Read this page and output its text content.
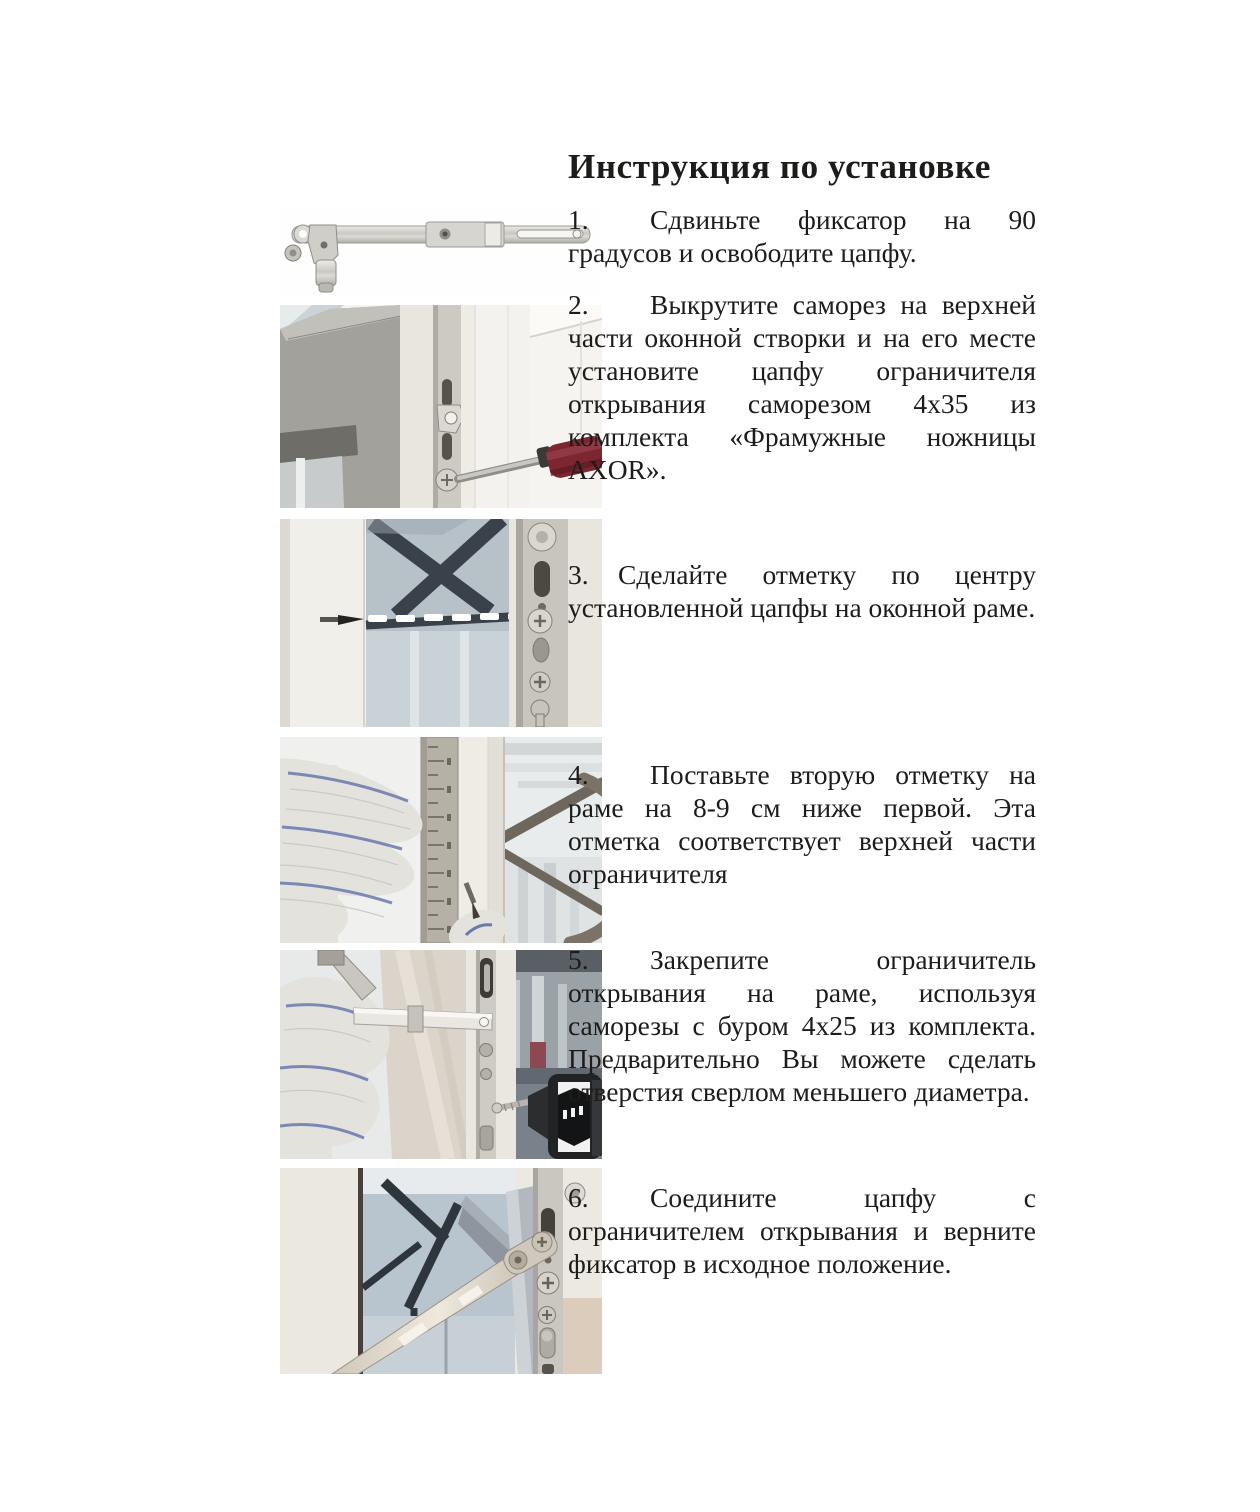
Инструкция по установке

1. Сдвиньте фиксатор на 90 градусов и освободите цапфу.

2. Выкрутите саморез на верхней части оконной створки и на его месте установите цапфу ограничителя открывания саморезом 4х35 из комплекта «Фрамужные ножницы AXOR».

3. Сделайте отметку по центру установленной цапфы на оконной раме.

4. Поставьте вторую отметку на раме на 8-9 см ниже первой. Эта отметка соответствует верхней части ограничителя

5. Закрепите ограничитель открывания на раме, используя саморезы с буром 4х25 из комплекта. Предварительно Вы можете сделать отверстия сверлом меньшего диаметра.

6. Соедините цапфу с ограничителем открывания и верните фиксатор в исходное положение.
